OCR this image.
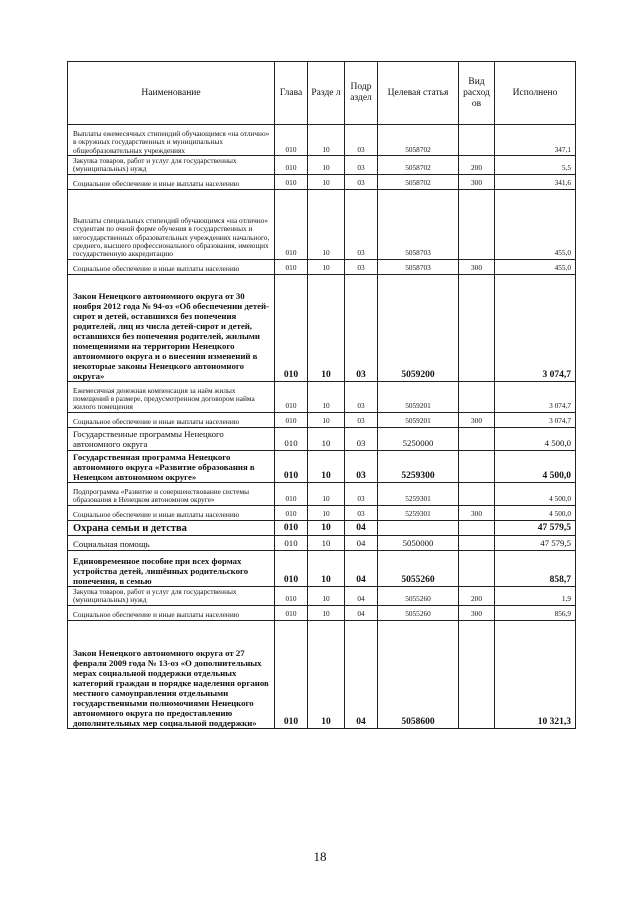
Наименование	Глава	Разде л	Подр аздел	Целевая статья	Вид расход ов	Исполнено
Выплаты ежемесячных стипендий обучающимся «на отлично» в окружных государственных и муниципальных общеобразовательных учреждениях	010	10	03	5058702		347,1
Закупка товаров, работ и услуг для государственных (муниципальных) нужд	010	10	03	5058702	200	5,5
Социальное обеспечение и иные выплаты населению	010	10	03	5058702	300	341,6
Выплаты специальных стипендий обучающимся «на отлично» студентам по очной форме обучения в государственных и негосударственных образовательных учреждениях начального, среднего, высшего профессионального образования, имеющих государственную аккредитацию	010	10	03	5058703		455,0
Социальное обеспечение и иные выплаты населению	010	10	03	5058703	300	455,0
Закон Ненецкого автономного округа от 30 ноября 2012 года № 94-оз «Об обеспечении детей-сирот и детей, оставшихся без попечения родителей, лиц из числа детей-сирот и детей, оставшихся без попечения родителей, жилыми помещениями на территории Ненецкого автономного округа и о внесении изменений в некоторые законы Ненецкого автономного округа»	010	10	03	5059200		3 074,7
Ежемесячная денежная компенсация за наём жилых помещений в размере, предусмотренном договором найма жилого помещения	010	10	03	5059201		3 074,7
Социальное обеспечение и иные выплаты населению	010	10	03	5059201	300	3 074,7
Государственные программы Ненецкого автономного округа	010	10	03	5250000		4 500,0
Государственная программа Ненецкого автономного округа «Развитие образования в Ненецком автономном округе»	010	10	03	5259300		4 500,0
Подпрограмма «Развитие и совершенствование системы образования в Ненецком автономном округе»	010	10	03	5259301		4 500,0
Социальное обеспечение и иные выплаты населению	010	10	03	5259301	300	4 500,0
Охрана семьи и детства	010	10	04			47 579,5
Социальная помощь	010	10	04	5050000		47 579,5
Единовременное пособие при всех формах устройства детей, лишённых родительского попечения, в семью	010	10	04	5055260		858,7
Закупка товаров, работ и услуг для государственных (муниципальных) нужд	010	10	04	5055260	200	1,9
Социальное обеспечение и иные выплаты населению	010	10	04	5055260	300	856,9
Закон Ненецкого автономного округа от 27 февраля 2009 года № 13-оз «О дополнительных мерах социальной поддержки отдельных категорий граждан и порядке наделения органов местного самоуправления отдельными государственными полномочиями Ненецкого автономного округа по предоставлению дополнительных мер социальной поддержки»	010	10	04	5058600		10 321,3
18
